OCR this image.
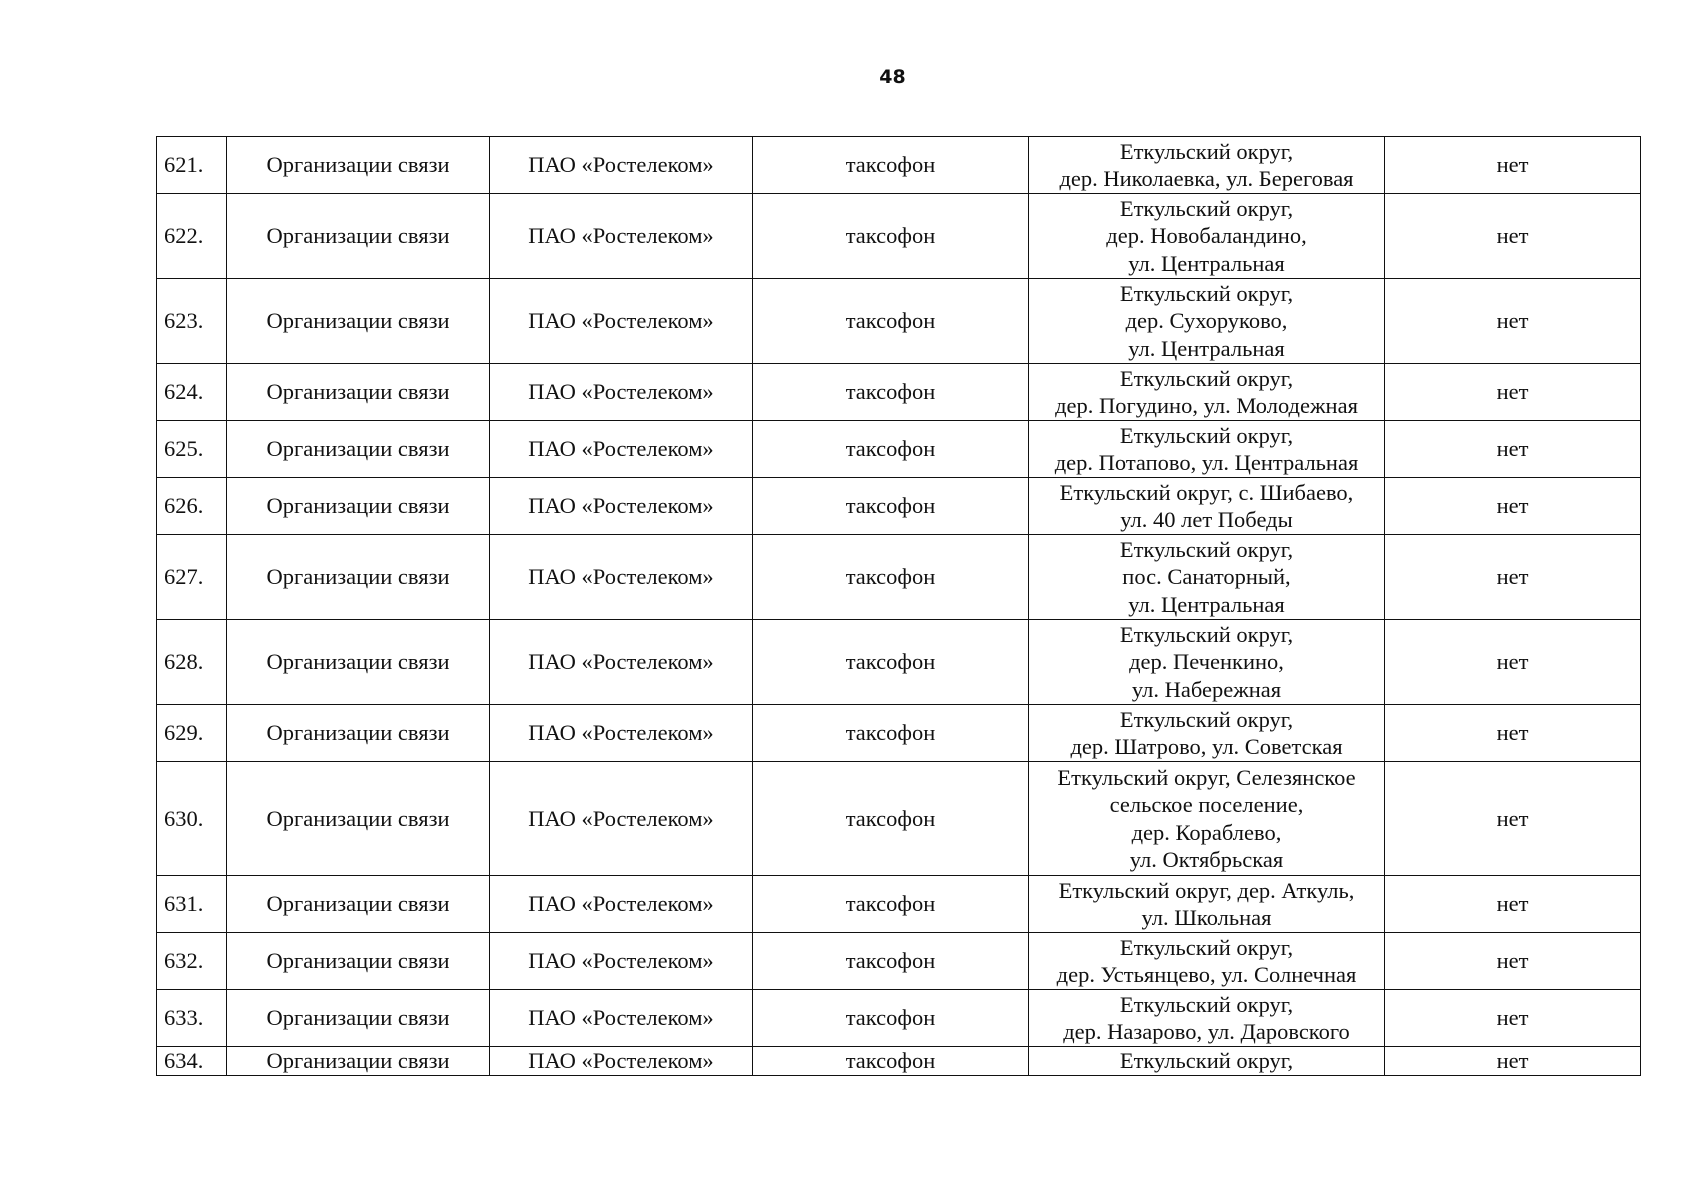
48
621.	Организации связи	ПАО «Ростелеком»	таксофон	Еткульский округ,
дер. Николаевка, ул. Береговая	нет
622.	Организации связи	ПАО «Ростелеком»	таксофон	Еткульский округ,
дер. Новобаландино,
ул. Центральная	нет
623.	Организации связи	ПАО «Ростелеком»	таксофон	Еткульский округ,
дер. Сухоруково,
ул. Центральная	нет
624.	Организации связи	ПАО «Ростелеком»	таксофон	Еткульский округ,
дер. Погудино, ул. Молодежная	нет
625.	Организации связи	ПАО «Ростелеком»	таксофон	Еткульский округ,
дер. Потапово, ул. Центральная	нет
626.	Организации связи	ПАО «Ростелеком»	таксофон	Еткульский округ, с. Шибаево,
ул. 40 лет Победы	нет
627.	Организации связи	ПАО «Ростелеком»	таксофон	Еткульский округ,
пос. Санаторный,
ул. Центральная	нет
628.	Организации связи	ПАО «Ростелеком»	таксофон	Еткульский округ,
дер. Печенкино,
ул. Набережная	нет
629.	Организации связи	ПАО «Ростелеком»	таксофон	Еткульский округ,
дер. Шатрово, ул. Советская	нет
630.	Организации связи	ПАО «Ростелеком»	таксофон	Еткульский округ, Селезянское
сельское поселение,
дер. Кораблево,
ул. Октябрьская	нет
631.	Организации связи	ПАО «Ростелеком»	таксофон	Еткульский округ, дер. Аткуль,
ул. Школьная	нет
632.	Организации связи	ПАО «Ростелеком»	таксофон	Еткульский округ,
дер. Устьянцево, ул. Солнечная	нет
633.	Организации связи	ПАО «Ростелеком»	таксофон	Еткульский округ,
дер. Назарово, ул. Даровского	нет
634.	Организации связи	ПАО «Ростелеком»	таксофон	Еткульский округ,	нет
